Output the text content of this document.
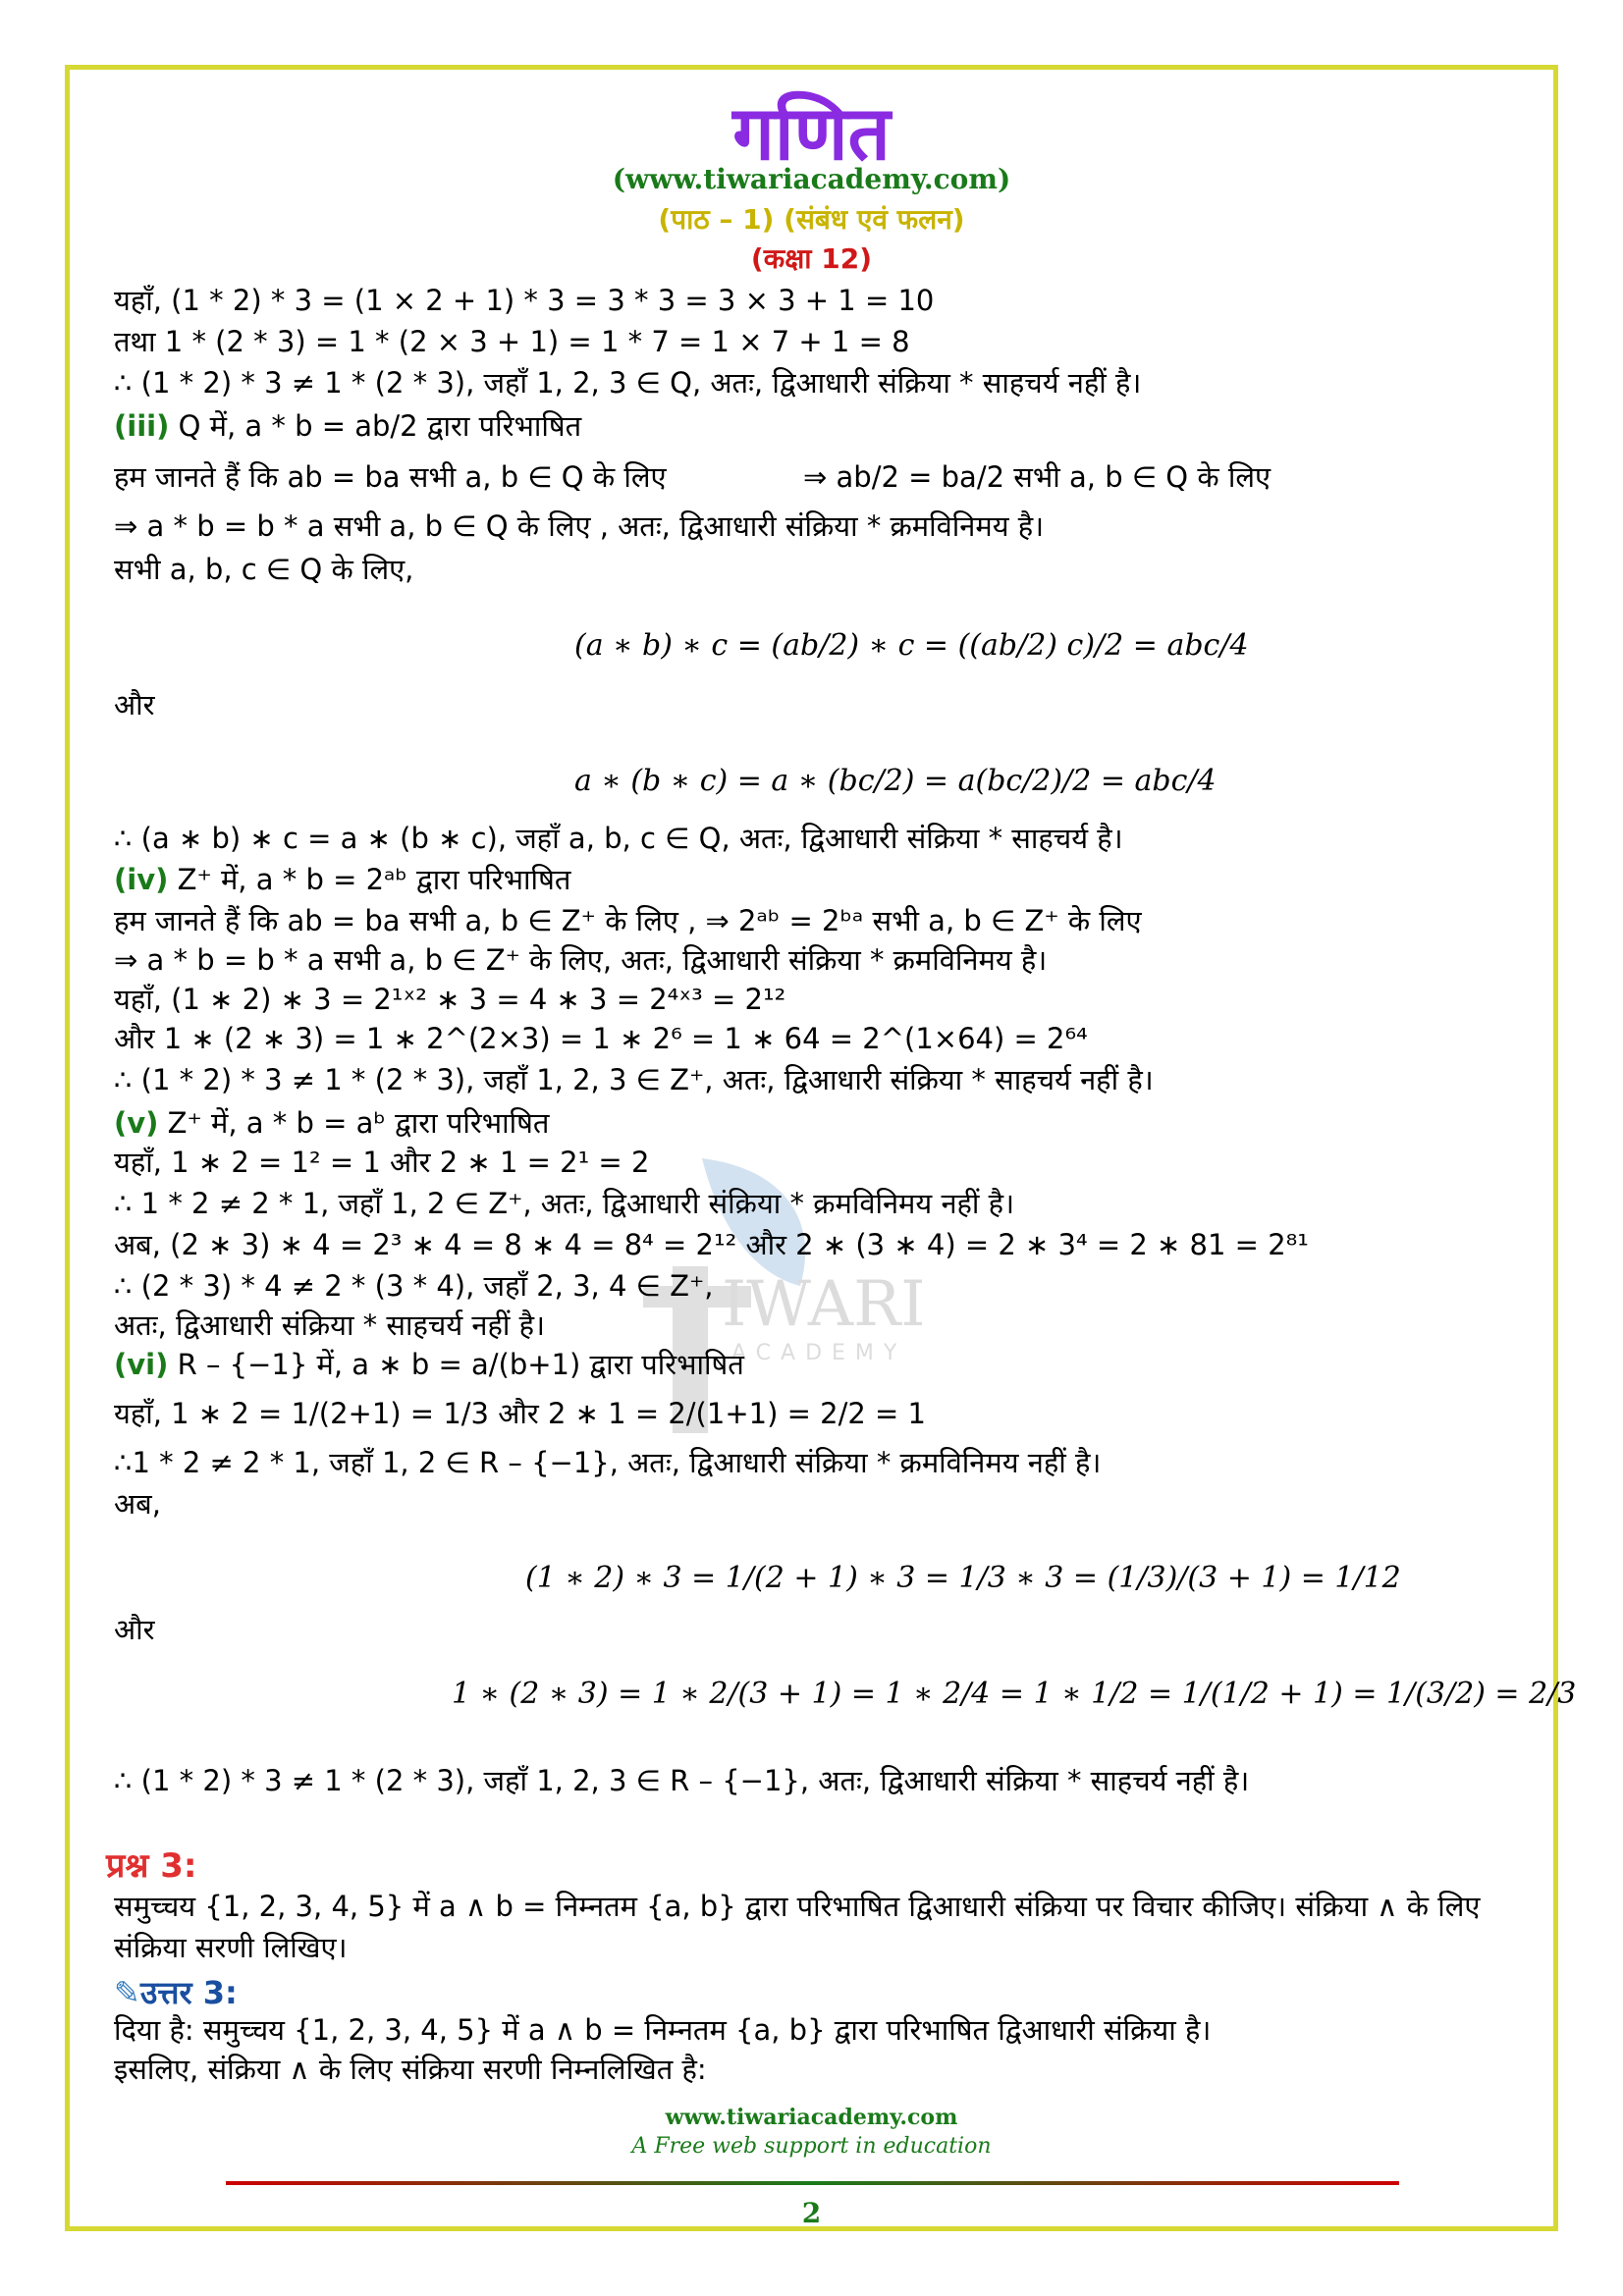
गणित
(www.tiwariacademy.com)
(पाठ – 1) (संबंध एवं फलन)
(कक्षा 12)
IWARI
ACADEMY
यहाँ, (1 * 2) * 3 = (1 × 2 + 1) * 3 = 3 * 3 = 3 × 3 + 1 = 10
तथा 1 * (2 * 3) = 1 * (2 × 3 + 1) = 1 * 7 = 1 × 7 + 1 = 8
∴ (1 * 2) * 3 ≠ 1 * (2 * 3), जहाँ 1, 2, 3 ∈ Q, अतः, द्विआधारी संक्रिया * साहचर्य नहीं है।
(iii) Q में, a * b = ab/2 द्वारा परिभाषित
हम जानते हैं कि ab = ba सभी a, b ∈ Q के लिए	⇒ ab/2 = ba/2 सभी a, b ∈ Q के लिए
⇒ a * b = b * a सभी a, b ∈ Q के लिए , अतः, द्विआधारी संक्रिया * क्रमविनिमय है।
सभी a, b, c ∈ Q के लिए,
(a ∗ b) ∗ c = (ab/2) ∗ c = ((ab/2) c)/2 = abc/4
और
a ∗ (b ∗ c) = a ∗ (bc/2) = a(bc/2)/2 = abc/4
∴ (a ∗ b) ∗ c = a ∗ (b ∗ c), जहाँ a, b, c ∈ Q, अतः, द्विआधारी संक्रिया * साहचर्य है।
(iv) Z⁺ में, a * b = 2ᵃᵇ द्वारा परिभाषित
हम जानते हैं कि ab = ba सभी a, b ∈ Z⁺ के लिए , ⇒ 2ᵃᵇ = 2ᵇᵃ सभी a, b ∈ Z⁺ के लिए
⇒ a * b = b * a सभी a, b ∈ Z⁺ के लिए, अतः, द्विआधारी संक्रिया * क्रमविनिमय है।
यहाँ, (1 ∗ 2) ∗ 3 = 2¹ˣ² ∗ 3 = 4 ∗ 3 = 2⁴ˣ³ = 2¹²
और 1 ∗ (2 ∗ 3) = 1 ∗ 2^(2×3) = 1 ∗ 2⁶ = 1 ∗ 64 = 2^(1×64) = 2⁶⁴
∴ (1 * 2) * 3 ≠ 1 * (2 * 3), जहाँ 1, 2, 3 ∈ Z⁺, अतः, द्विआधारी संक्रिया * साहचर्य नहीं है।
(v) Z⁺ में, a * b = aᵇ द्वारा परिभाषित
यहाँ, 1 ∗ 2 = 1² = 1 और 2 ∗ 1 = 2¹ = 2
∴ 1 * 2 ≠ 2 * 1, जहाँ 1, 2 ∈ Z⁺, अतः, द्विआधारी संक्रिया * क्रमविनिमय नहीं है।
अब, (2 ∗ 3) ∗ 4 = 2³ ∗ 4 = 8 ∗ 4 = 8⁴ = 2¹² और 2 ∗ (3 ∗ 4) = 2 ∗ 3⁴ = 2 ∗ 81 = 2⁸¹
∴ (2 * 3) * 4 ≠ 2 * (3 * 4), जहाँ 2, 3, 4 ∈ Z⁺,
अतः, द्विआधारी संक्रिया * साहचर्य नहीं है।
(vi) R – {−1} में, a ∗ b = a/(b+1) द्वारा परिभाषित
यहाँ, 1 ∗ 2 = 1/(2+1) = 1/3 और 2 ∗ 1 = 2/(1+1) = 2/2 = 1
∴1 * 2 ≠ 2 * 1, जहाँ 1, 2 ∈ R – {−1}, अतः, द्विआधारी संक्रिया * क्रमविनिमय नहीं है।
अब,
(1 ∗ 2) ∗ 3 = 1/(2 + 1) ∗ 3 = 1/3 ∗ 3 = (1/3)/(3 + 1) = 1/12
और
1 ∗ (2 ∗ 3) = 1 ∗ 2/(3 + 1) = 1 ∗ 2/4 = 1 ∗ 1/2 = 1/(1/2 + 1) = 1/(3/2) = 2/3
∴ (1 * 2) * 3 ≠ 1 * (2 * 3), जहाँ 1, 2, 3 ∈ R – {−1}, अतः, द्विआधारी संक्रिया * साहचर्य नहीं है।
प्रश्न 3:
समुच्चय {1, 2, 3, 4, 5} में a ∧ b = निम्नतम {a, b} द्वारा परिभाषित द्विआधारी संक्रिया पर विचार कीजिए। संक्रिया ∧ के लिए
संक्रिया सरणी लिखिए।
✎उत्तर 3:
दिया है: समुच्चय {1, 2, 3, 4, 5} में a ∧ b = निम्नतम {a, b} द्वारा परिभाषित द्विआधारी संक्रिया है।
इसलिए, संक्रिया ∧ के लिए संक्रिया सरणी निम्नलिखित है:
www.tiwariacademy.com
A Free web support in education
2
